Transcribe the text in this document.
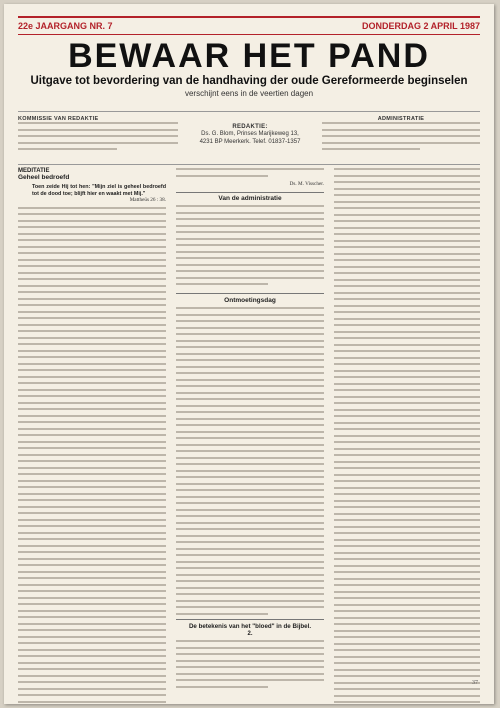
22e JAARGANG NR. 7	DONDERDAG 2 APRIL 1987
BEWAAR HET PAND
Uitgave tot bevordering van de handhaving der oude Gereformeerde beginselen
verschijnt eens in de veertien dagen
KOMMISSIE VAN REDAKTIE
REDAKTIE:
Ds. G. Blom, Prinses Marijkeweg 13,
4231 BP Meerkerk. Telef. 01837-1357
ADMINISTRATIE
MEDITATIE
Geheel bedroefd
Toen zeide Hij tot hen: "Mijn ziel is geheel bedroefd tot de dood toe; blijft hier en waakt met Mij."
Mattheüs 26 : 38.
Ds. M. Visscher.
Van de administratie
Ontmoetingsdag
De betekenis van het "bloed" in de Bijbel.
2.
37
